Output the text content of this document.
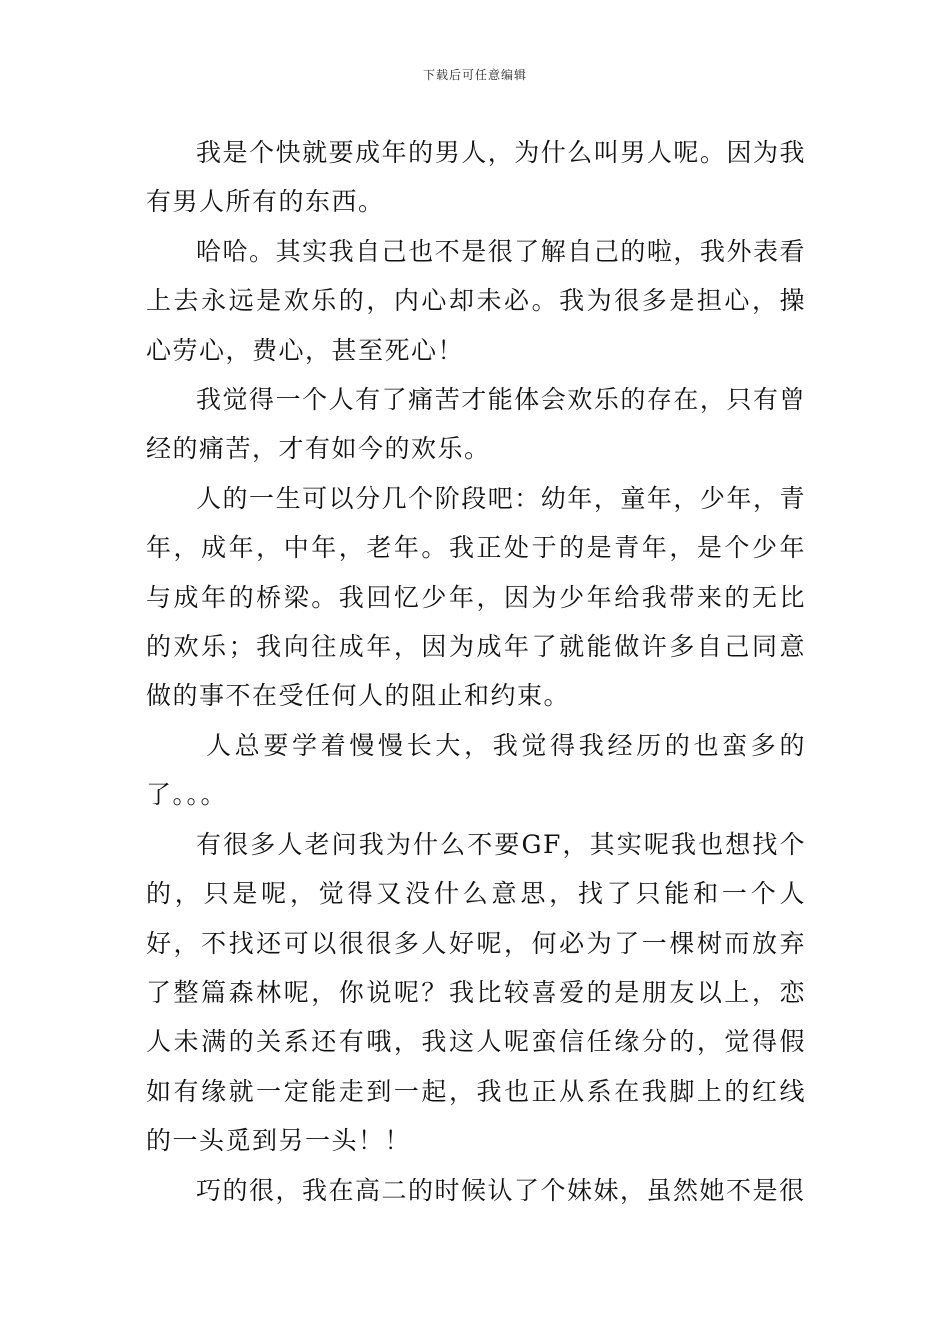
下载后可任意编辑

我是个快就要成年的男人，为什么叫男人呢。因为我有男人所有的东西。

哈哈。其实我自己也不是很了解自己的啦，我外表看上去永远是欢乐的，内心却未必。我为很多是担心，操心劳心，费心，甚至死心！

我觉得一个人有了痛苦才能体会欢乐的存在，只有曾经的痛苦，才有如今的欢乐。

人的一生可以分几个阶段吧：幼年，童年，少年，青年，成年，中年，老年。我正处于的是青年，是个少年与成年的桥梁。我回忆少年，因为少年给我带来的无比的欢乐；我向往成年，因为成年了就能做许多自己同意做的事不在受任何人的阻止和约束。

人总要学着慢慢长大，我觉得我经历的也蛮多的了。。。

有很多人老问我为什么不要GF，其实呢我也想找个的，只是呢，觉得又没什么意思，找了只能和一个人好，不找还可以很很多人好呢，何必为了一棵树而放弃了整篇森林呢，你说呢？我比较喜爱的是朋友以上，恋人未满的关系还有哦，我这人呢蛮信任缘分的，觉得假如有缘就一定能走到一起，我也正从系在我脚上的红线的一头觅到另一头！！

巧的很，我在高二的时候认了个妹妹，虽然她不是很
